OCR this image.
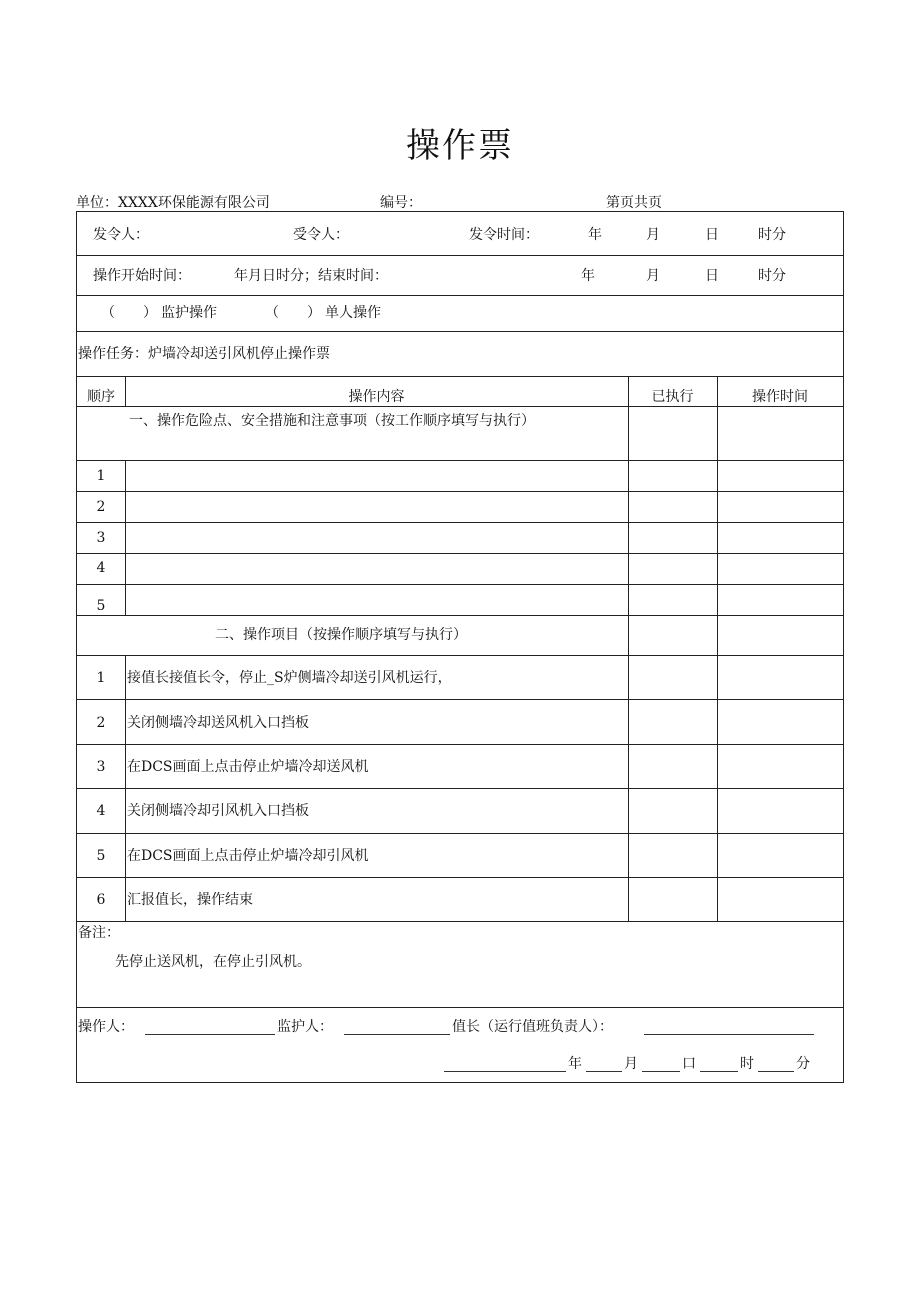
操作票
单位：XXXX环保能源有限公司	编号：	第页共页
发令人：	受令人：	发令时间：	年	月	日	时分
操作开始时间：	年月日时分；结束时间：	年	月	日	时分
（　　） 监护操作	（　　） 单人操作
操作任务：炉墙冷却送引风机停止操作票
顺序	操作内容	已执行	操作时间
一、操作危险点、安全措施和注意事项（按工作顺序填写与执行）
1
2
3
4
5
二、操作项目（按操作顺序填写与执行）
1	接值长接值长令，停止_S炉侧墙冷却送引风机运行，
2	关闭侧墙冷却送风机入口挡板
3	在DCS画面上点击停止炉墙冷却送风机
4	关闭侧墙冷却引风机入口挡板
5	在DCS画面上点击停止炉墙冷却引风机
6	汇报值长，操作结束
备注：
先停止送风机，在停止引风机。
操作人：	监护人：	值长（运行值班负责人）：
年	月	口	时	分
